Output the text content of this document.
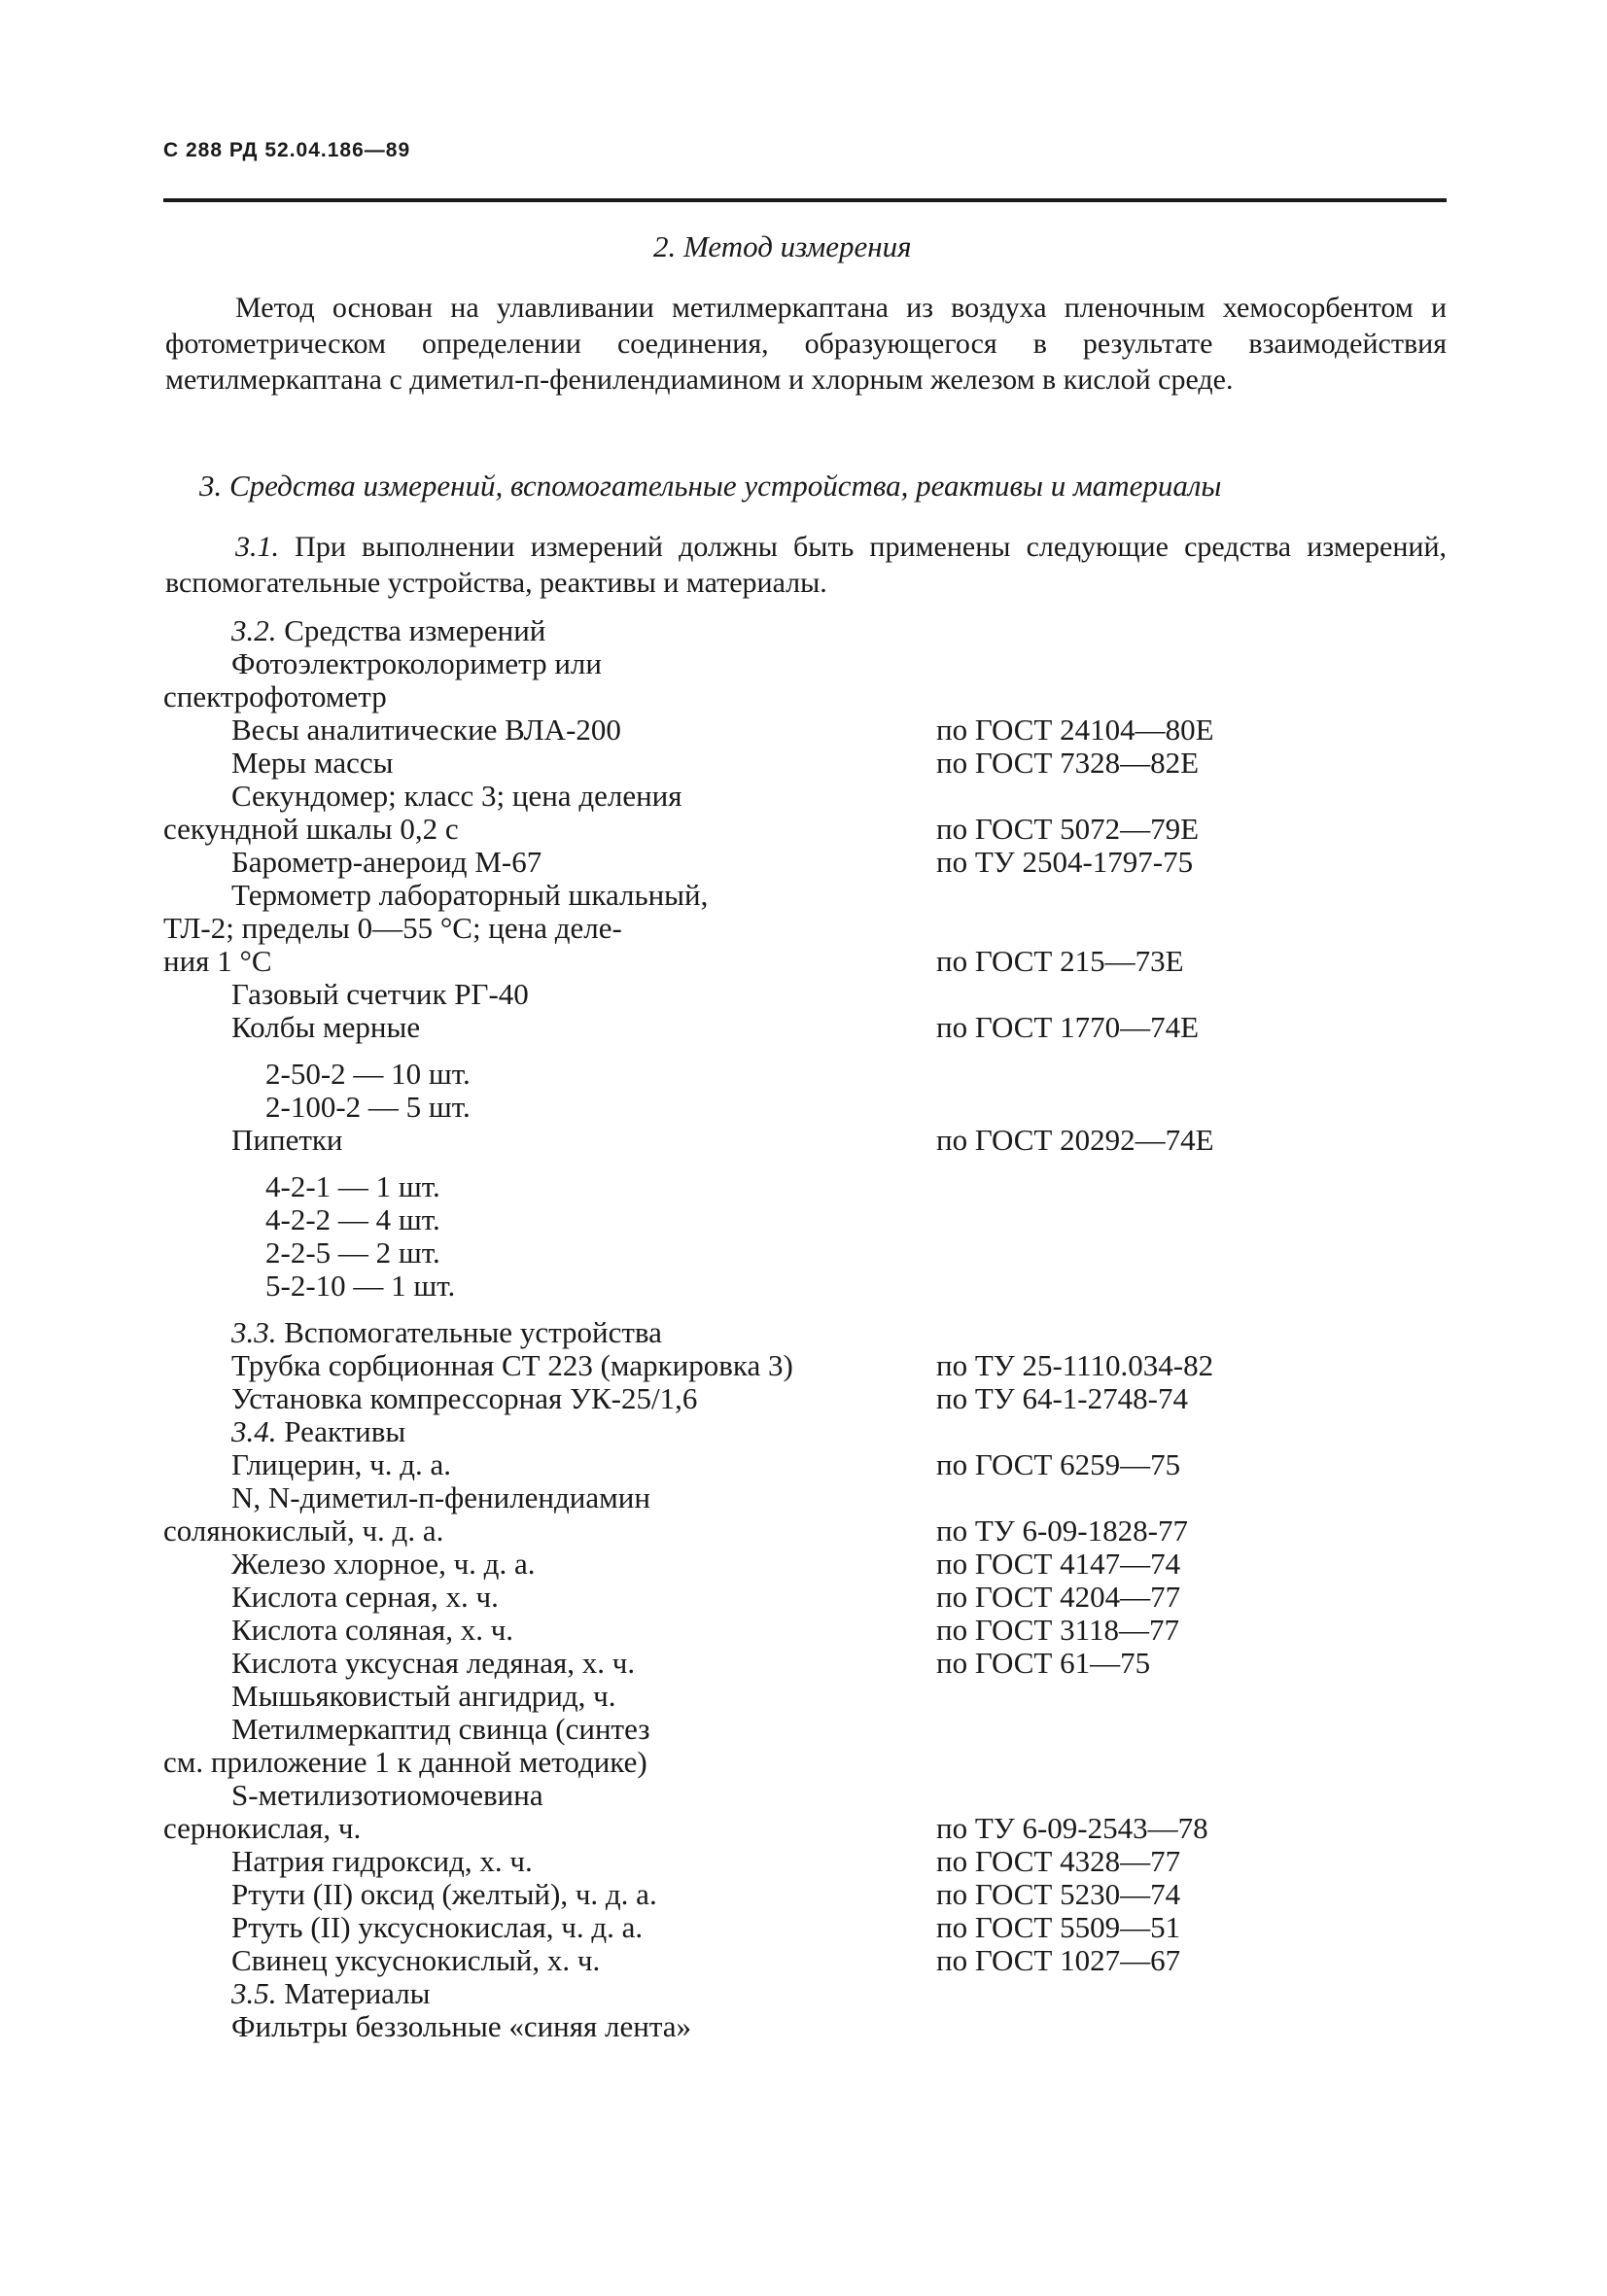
С 288 РД 52.04.186—89
2. Метод измерения
Метод основан на улавливании метилмеркаптана из воздуха пленочным хемосорбентом и фотометрическом определении соединения, образующегося в результате взаимодействия метилмеркаптана с диметил-п-фенилендиамином и хлорным железом в кислой среде.
3. Средства измерений, вспомогательные устройства, реактивы и материалы
3.1. При выполнении измерений должны быть применены следующие средства измерений, вспомогательные устройства, реактивы и материалы.
3.2. Средства измерений
Фотоэлектроколориметр или
спектрофотометр
Весы аналитические ВЛА-200	по ГОСТ 24104—80Е
Меры массы	по ГОСТ 7328—82Е
Секундомер; класс 3; цена деления
секундной шкалы 0,2 с	по ГОСТ 5072—79Е
Барометр-анероид М-67	по ТУ 2504-1797-75
Термометр лабораторный шкальный,
ТЛ-2; пределы 0—55 °С; цена деле-
ния 1 °С	по ГОСТ 215—73Е
Газовый счетчик РГ-40
Колбы мерные	по ГОСТ 1770—74Е
2-50-2 — 10 шт.
2-100-2 — 5 шт.
Пипетки	по ГОСТ 20292—74Е
4-2-1 — 1 шт.
4-2-2 — 4 шт.
2-2-5 — 2 шт.
5-2-10 — 1 шт.
3.3. Вспомогательные устройства
Трубка сорбционная СТ 223 (маркировка 3)	по ТУ 25-1110.034-82
Установка компрессорная УК-25/1,6	по ТУ 64-1-2748-74
3.4. Реактивы
Глицерин, ч. д. а.	по ГОСТ 6259—75
N, N-диметил-п-фенилендиамин
солянокислый, ч. д. а.	по ТУ 6-09-1828-77
Железо хлорное, ч. д. а.	по ГОСТ 4147—74
Кислота серная, х. ч.	по ГОСТ 4204—77
Кислота соляная, х. ч.	по ГОСТ 3118—77
Кислота уксусная ледяная, х. ч.	по ГОСТ 61—75
Мышьяковистый ангидрид, ч.
Метилмеркаптид свинца (синтез
см. приложение 1 к данной методике)
S-метилизотиомочевина
сернокислая, ч.	по ТУ 6-09-2543—78
Натрия гидроксид, х. ч.	по ГОСТ 4328—77
Ртути (II) оксид (желтый), ч. д. а.	по ГОСТ 5230—74
Ртуть (II) уксуснокислая, ч. д. а.	по ГОСТ 5509—51
Свинец уксуснокислый, х. ч.	по ГОСТ 1027—67
3.5. Материалы
Фильтры беззольные «синяя лента»
